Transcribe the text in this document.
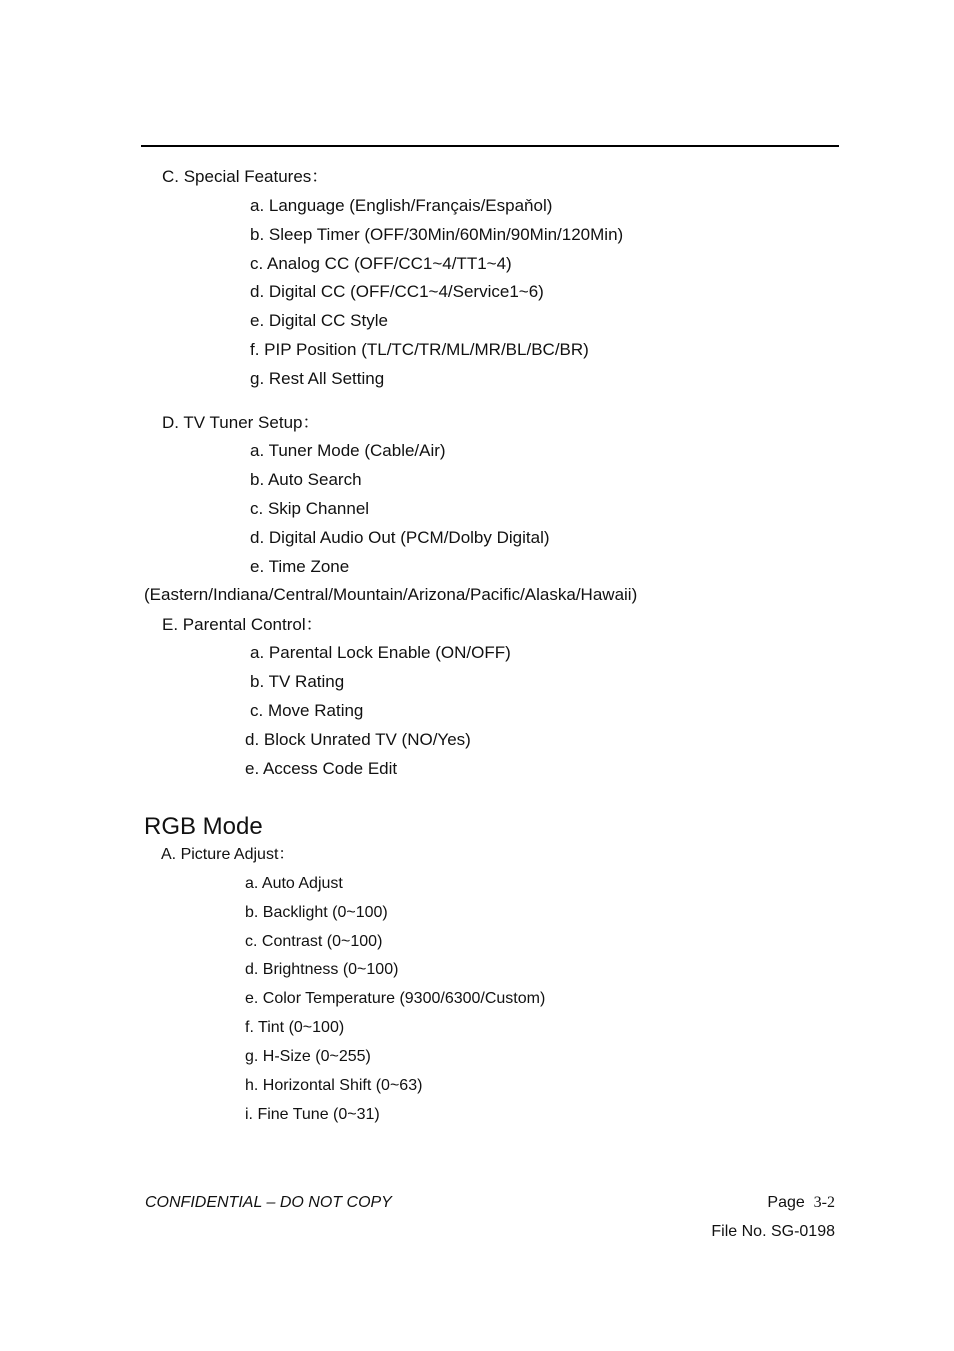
C. Special Features：
a. Language (English/Français/Espaňol)
b. Sleep Timer (OFF/30Min/60Min/90Min/120Min)
c. Analog CC (OFF/CC1~4/TT1~4)
d. Digital CC (OFF/CC1~4/Service1~6)
e. Digital CC Style
f. PIP Position (TL/TC/TR/ML/MR/BL/BC/BR)
g. Rest All Setting
D. TV Tuner Setup：
a. Tuner Mode (Cable/Air)
b. Auto Search
c. Skip Channel
d. Digital Audio Out (PCM/Dolby Digital)
e. Time Zone
(Eastern/Indiana/Central/Mountain/Arizona/Pacific/Alaska/Hawaii)
E. Parental Control：
a. Parental Lock Enable (ON/OFF)
b. TV Rating
c. Move Rating
d. Block Unrated TV (NO/Yes)
e. Access Code Edit
RGB Mode
A. Picture Adjust：
a. Auto Adjust
b. Backlight (0~100)
c. Contrast (0~100)
d. Brightness (0~100)
e. Color Temperature (9300/6300/Custom)
f. Tint (0~100)
g. H-Size (0~255)
h. Horizontal Shift (0~63)
i. Fine Tune (0~31)
CONFIDENTIAL – DO NOT COPY	Page 3-2
File No. SG-0198
